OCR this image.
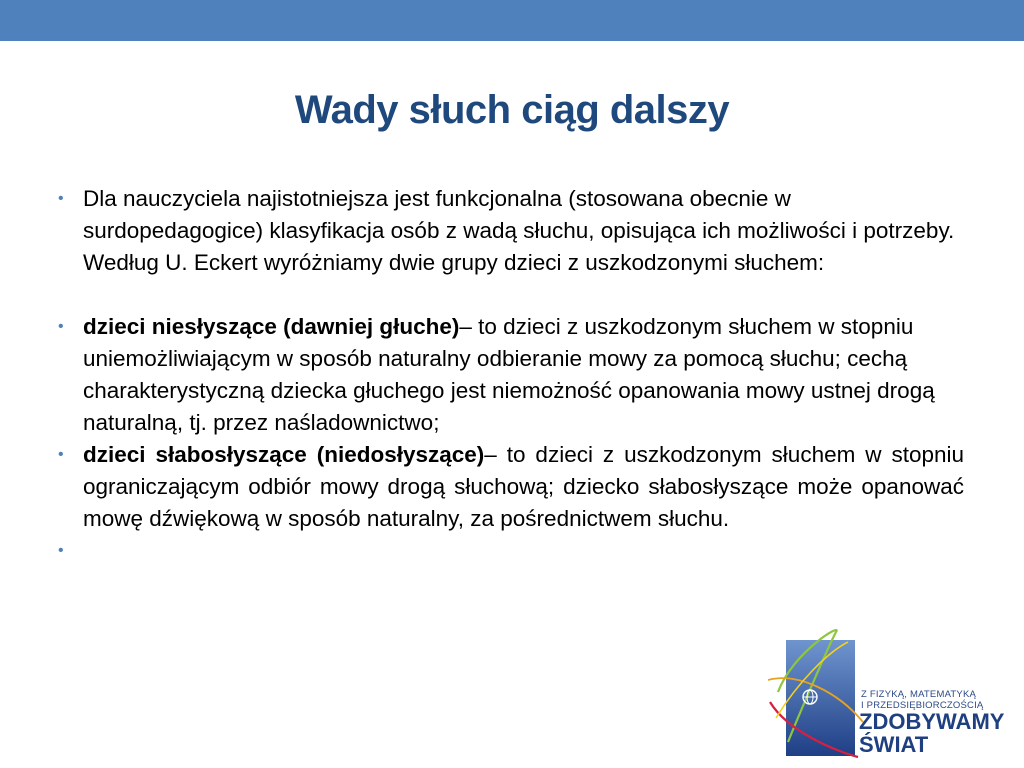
Wady słuch ciąg dalszy
• Dla nauczyciela najistotniejsza jest funkcjonalna (stosowana obecnie w surdopedagogice) klasyfikacja osób z wadą słuchu, opisująca ich możliwości i potrzeby. Według U. Eckert wyróżniamy dwie grupy dzieci z uszkodzonymi słuchem:
• dzieci niesłyszące (dawniej głuche)– to dzieci z uszkodzonym słuchem w stopniu uniemożliwiającym w sposób naturalny odbieranie mowy za pomocą słuchu; cechą charakterystyczną dziecka głuchego jest niemożność opanowania mowy ustnej drogą naturalną, tj. przez naśladownictwo;
• dzieci słabosłyszące (niedosłyszące)– to dzieci z uszkodzonym słuchem w stopniu ograniczającym odbiór mowy drogą słuchową; dziecko słabosłyszące może opanować mowę dźwiękową w sposób naturalny, za pośrednictwem słuchu.
•
Z FIZYKĄ, MATEMATYKĄ
I PRZEDSIĘBIORCZOŚCIĄ
ZDOBYWAMY
ŚWIAT
